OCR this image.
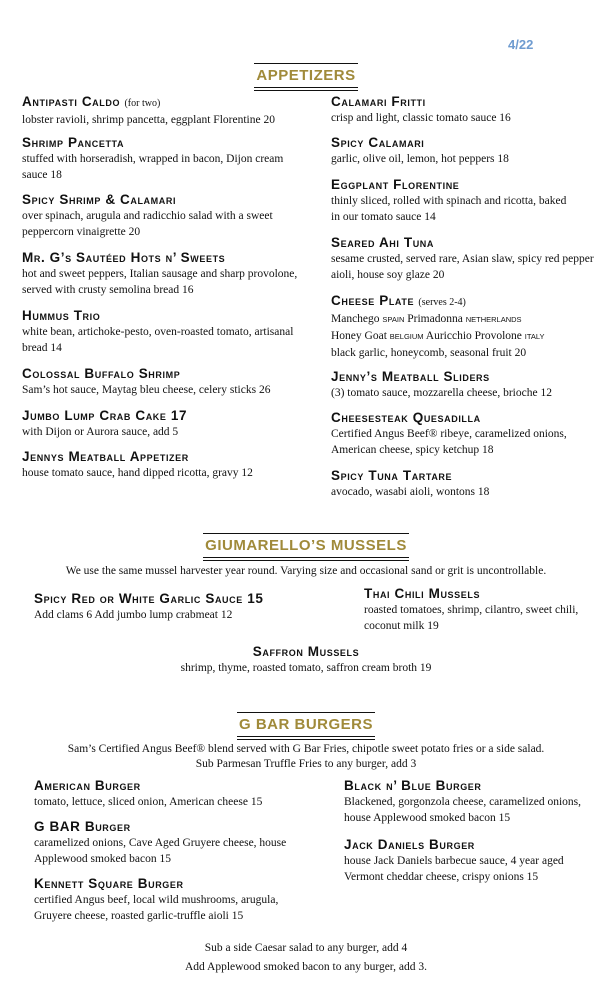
4/22
APPETIZERS
Antipasti Caldo (for two)
lobster ravioli, shrimp pancetta, eggplant Florentine 20
Shrimp Pancetta
stuffed with horseradish, wrapped in bacon, Dijon cream sauce 18
Spicy Shrimp & Calamari
over spinach, arugula and radicchio salad with a sweet peppercorn vinaigrette 20
Mr. G’s Sautéed Hots n’ Sweets
hot and sweet peppers, Italian sausage and sharp provolone, served with crusty semolina bread 16
Hummus Trio
white bean, artichoke-pesto, oven-roasted tomato, artisanal bread 14
Colossal Buffalo Shrimp
Sam’s hot sauce, Maytag bleu cheese, celery sticks 26
Jumbo Lump Crab Cake 17
with Dijon or Aurora sauce, add 5
Jennys Meatball Appetizer
house tomato sauce, hand dipped ricotta, gravy 12
Calamari Fritti
crisp and light, classic tomato sauce 16
Spicy Calamari
garlic, olive oil, lemon, hot peppers 18
Eggplant Florentine
thinly sliced, rolled with spinach and ricotta, baked in our tomato sauce 14
Seared Ahi Tuna
sesame crusted, served rare, Asian slaw, spicy red pepper aioli, house soy glaze 20
Cheese Plate (serves 2-4)
Manchego SPAIN Primadonna NETHERLANDS
Honey Goat BELGIUM Auricchio Provolone ITALY
black garlic, honeycomb, seasonal fruit 20
Jenny’s Meatball Sliders
(3) tomato sauce, mozzarella cheese, brioche 12
Cheesesteak Quesadilla
Certified Angus Beef® ribeye, caramelized onions, American cheese, spicy ketchup 18
Spicy Tuna Tartare
avocado, wasabi aioli, wontons 18
GIUMARELLO’S MUSSELS
We use the same mussel harvester year round. Varying size and occasional sand or grit is uncontrollable.
Spicy Red or White Garlic Sauce 15
Add clams 6 Add jumbo lump crabmeat 12
Thai Chili Mussels
roasted tomatoes, shrimp, cilantro, sweet chili, coconut milk 19
Saffron Mussels
shrimp, thyme, roasted tomato, saffron cream broth 19
G BAR BURGERS
Sam’s Certified Angus Beef® blend served with G Bar Fries, chipotle sweet potato fries or a side salad.
Sub Parmesan Truffle Fries to any burger, add 3
American Burger
tomato, lettuce, sliced onion, American cheese 15
G BAR Burger
caramelized onions, Cave Aged Gruyere cheese, house Applewood smoked bacon 15
Kennett Square Burger
certified Angus beef, local wild mushrooms, arugula, Gruyere cheese, roasted garlic-truffle aioli 15
Black n’ Blue Burger
Blackened, gorgonzola cheese, caramelized onions, house Applewood smoked bacon 15
Jack Daniels Burger
house Jack Daniels barbecue sauce, 4 year aged Vermont cheddar cheese, crispy onions 15
Sub a side Caesar salad to any burger, add 4
Add Applewood smoked bacon to any burger, add 3.
